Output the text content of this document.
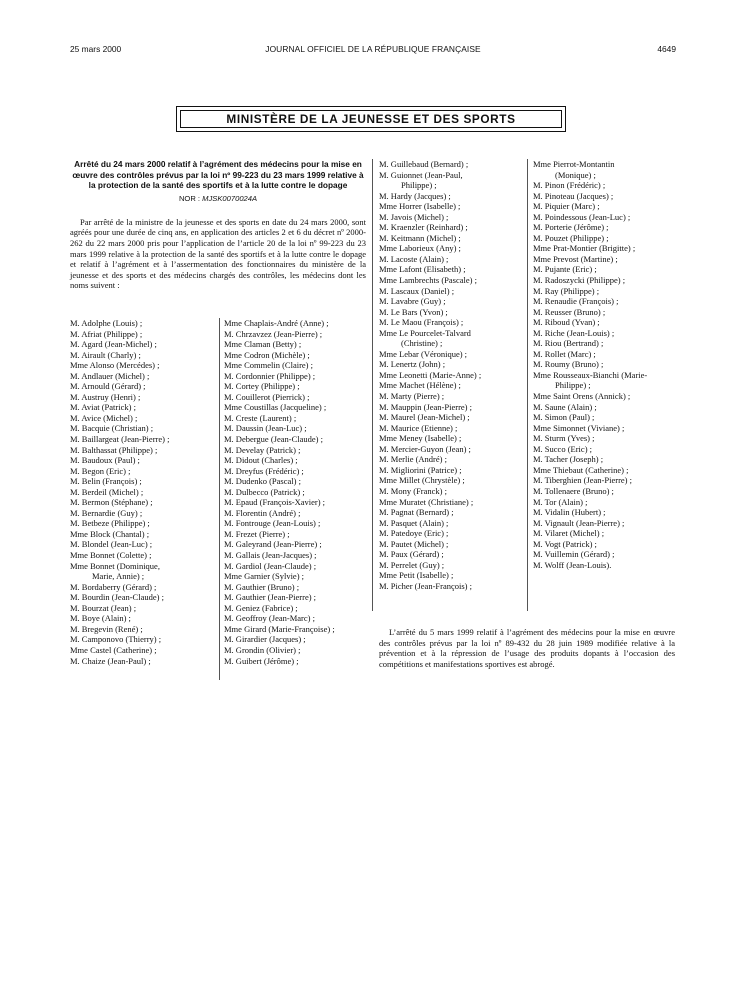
25 mars 2000	JOURNAL OFFICIEL DE LA RÉPUBLIQUE FRANÇAISE	4649
MINISTÈRE DE LA JEUNESSE ET DES SPORTS

Arrêté du 24 mars 2000 relatif à l’agrément des médecins pour la mise en œuvre des contrôles prévus par la loi nº 99-223 du 23 mars 1999 relative à la protection de la santé des sportifs et à la lutte contre le dopage

NOR : MJSK0070024A

Par arrêté de la ministre de la jeunesse et des sports en date du 24 mars 2000, sont agréés pour une durée de cinq ans, en application des articles 2 et 6 du décret nº 2000-262 du 22 mars 2000 pris pour l’application de l’article 20 de la loi nº 99-223 du 23 mars 1999 relative à la protection de la santé des sportifs et à la lutte contre le dopage et relatif à l’agrément et à l’assermentation des fonctionnaires du ministère de la jeunesse et des sports et des médecins chargés des contrôles, les médecins dont les noms suivent :

M. Adolphe (Louis) ;
M. Afriat (Philippe) ;
M. Agard (Jean-Michel) ;
M. Airault (Charly) ;
Mme Alonso (Mercédes) ;
M. Andlauer (Michel) ;
M. Arnould (Gérard) ;
M. Austruy (Henri) ;
M. Aviat (Patrick) ;
M. Avice (Michel) ;
M. Bacquie (Christian) ;
M. Baillargeat (Jean-Pierre) ;
M. Balthassat (Philippe) ;
M. Baudoux (Paul) ;
M. Begon (Eric) ;
M. Belin (François) ;
M. Berdeil (Michel) ;
M. Bermon (Stéphane) ;
M. Bernardie (Guy) ;
M. Betbeze (Philippe) ;
Mme Block (Chantal) ;
M. Blondel (Jean-Luc) ;
Mme Bonnet (Colette) ;
Mme Bonnet (Dominique,
Marie, Annie) ;
M. Bordaberry (Gérard) ;
M. Bourdin (Jean-Claude) ;
M. Bourzat (Jean) ;
M. Boye (Alain) ;
M. Bregevin (René) ;
M. Camponovo (Thierry) ;
Mme Castel (Catherine) ;
M. Chaize (Jean-Paul) ;
Mme Chaplais-André (Anne) ;
M. Chrzavzez (Jean-Pierre) ;
Mme Claman (Betty) ;
Mme Codron (Michèle) ;
Mme Commelin (Claire) ;
M. Cordonnier (Philippe) ;
M. Cortey (Philippe) ;
M. Couillerot (Pierrick) ;
Mme Coustillas (Jacqueline) ;
M. Creste (Laurent) ;
M. Daussin (Jean-Luc) ;
M. Debergue (Jean-Claude) ;
M. Develay (Patrick) ;
M. Didout (Charles) ;
M. Dreyfus (Frédéric) ;
M. Dudenko (Pascal) ;
M. Dulbecco (Patrick) ;
M. Epaud (François-Xavier) ;
M. Florentin (André) ;
M. Fontrouge (Jean-Louis) ;
M. Frezet (Pierre) ;
M. Galeyrand (Jean-Pierre) ;
M. Gallais (Jean-Jacques) ;
M. Gardiol (Jean-Claude) ;
Mme Garnier (Sylvie) ;
M. Gauthier (Bruno) ;
M. Gauthier (Jean-Pierre) ;
M. Geniez (Fabrice) ;
M. Geoffroy (Jean-Marc) ;
Mme Girard (Marie-Françoise) ;
M. Girardier (Jacques) ;
M. Grondin (Olivier) ;
M. Guibert (Jérôme) ;
M. Guillebaud (Bernard) ;
M. Guionnet (Jean-Paul,
Philippe) ;
M. Hardy (Jacques) ;
Mme Horrer (Isabelle) ;
M. Javois (Michel) ;
M. Kraenzler (Reinhard) ;
M. Keitmann (Michel) ;
Mme Laborieux (Any) ;
M. Lacoste (Alain) ;
Mme Lafont (Elisabeth) ;
Mme Lambrechts (Pascale) ;
M. Lascaux (Daniel) ;
M. Lavabre (Guy) ;
M. Le Bars (Yvon) ;
M. Le Maou (François) ;
Mme Le Pourcelet-Talvard
(Christine) ;
Mme Lebar (Véronique) ;
M. Lenertz (John) ;
Mme Leonetti (Marie-Anne) ;
Mme Machet (Hélène) ;
M. Marty (Pierre) ;
M. Mauppin (Jean-Pierre) ;
M. Maurel (Jean-Michel) ;
M. Maurice (Etienne) ;
Mme Meney (Isabelle) ;
M. Mercier-Guyon (Jean) ;
M. Merlie (André) ;
M. Migliorini (Patrice) ;
Mme Millet (Chrystèle) ;
M. Mony (Franck) ;
Mme Muratet (Christiane) ;
M. Pagnat (Bernard) ;
M. Pasquet (Alain) ;
M. Patedoye (Eric) ;
M. Pautet (Michel) ;
M. Paux (Gérard) ;
M. Perrelet (Guy) ;
Mme Petit (Isabelle) ;
M. Picher (Jean-François) ;
Mme Pierrot-Montantin
(Monique) ;
M. Pinon (Frédéric) ;
M. Pinoteau (Jacques) ;
M. Piquier (Marc) ;
M. Poindessous (Jean-Luc) ;
M. Porterie (Jérôme) ;
M. Pouzet (Philippe) ;
Mme Prat-Montier (Brigitte) ;
Mme Prevost (Martine) ;
M. Pujante (Eric) ;
M. Radoszycki (Philippe) ;
M. Ray (Philippe) ;
M. Renaudie (François) ;
M. Reusser (Bruno) ;
M. Riboud (Yvan) ;
M. Riche (Jean-Louis) ;
M. Riou (Bertrand) ;
M. Rollet (Marc) ;
M. Roumy (Bruno) ;
Mme Rousseaux-Bianchi (Marie-
Philippe) ;
Mme Saint Orens (Annick) ;
M. Saune (Alain) ;
M. Simon (Paul) ;
Mme Simonnet (Viviane) ;
M. Sturm (Yves) ;
M. Succo (Eric) ;
M. Tacher (Joseph) ;
Mme Thiebaut (Catherine) ;
M. Tiberghien (Jean-Pierre) ;
M. Tollenaere (Bruno) ;
M. Tor (Alain) ;
M. Vidalin (Hubert) ;
M. Vignault (Jean-Pierre) ;
M. Vilaret (Michel) ;
M. Vogt (Patrick) ;
M. Vuillemin (Gérard) ;
M. Wolff (Jean-Louis).

L’arrêté du 5 mars 1999 relatif à l’agrément des médecins pour la mise en œuvre des contrôles prévus par la loi nº 89-432 du 28 juin 1989 modifiée relative à la prévention et à la répression de l’usage des produits dopants à l’occasion des compétitions et manifestations sportives est abrogé.
